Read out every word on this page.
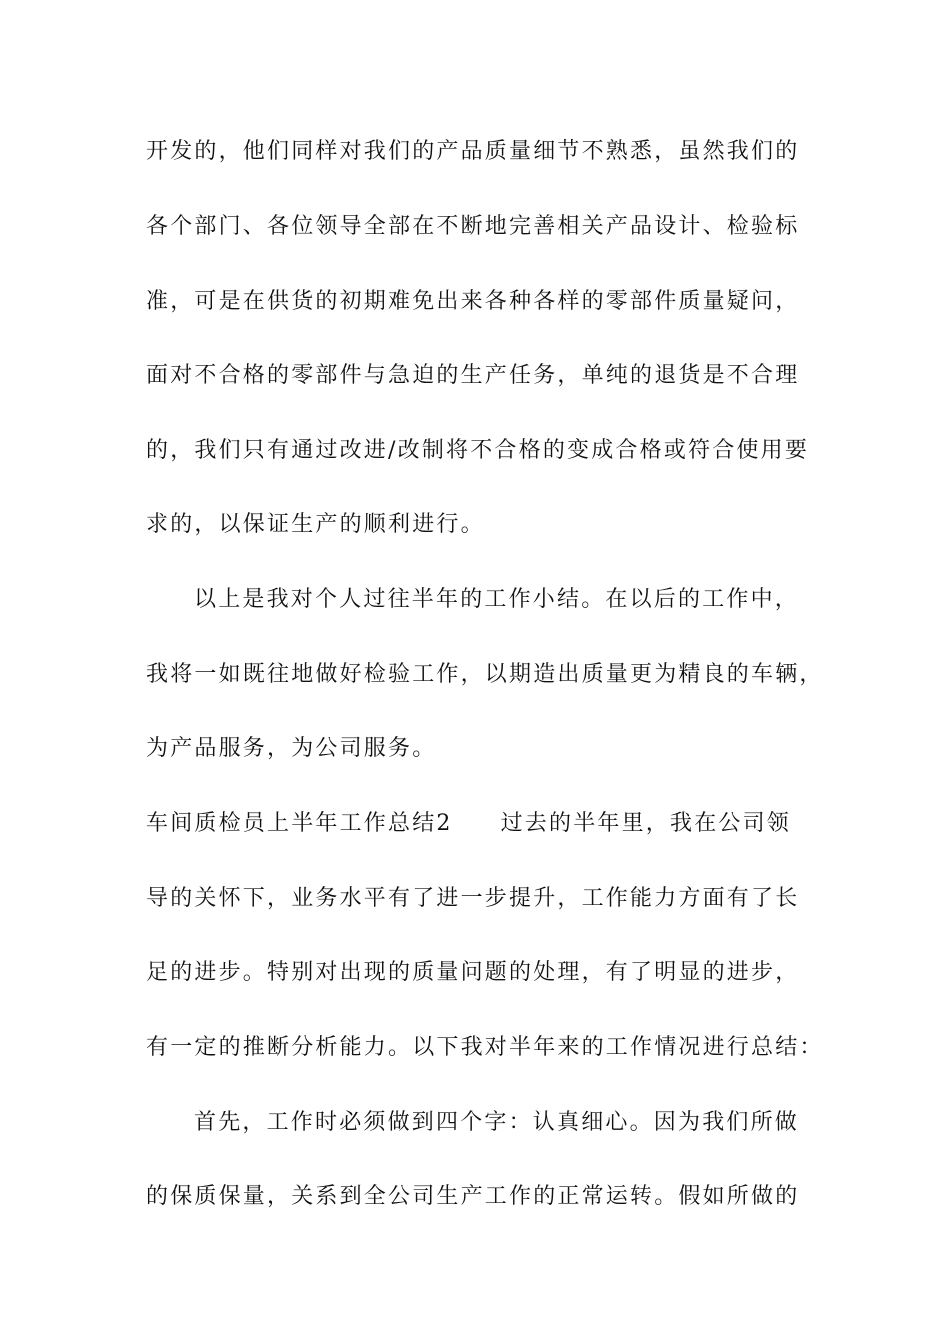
开发的，他们同样对我们的产品质量细节不熟悉，虽然我们的
各个部门、各位领导全部在不断地完善相关产品设计、检验标
准，可是在供货的初期难免出来各种各样的零部件质量疑问，
面对不合格的零部件与急迫的生产任务，单纯的退货是不合理
的，我们只有通过改进/改制将不合格的变成合格或符合使用要
求的，以保证生产的顺利进行。
以上是我对个人过往半年的工作小结。在以后的工作中，
我将一如既往地做好检验工作，以期造出质量更为精良的车辆，
为产品服务，为公司服务。
车间质检员上半年工作总结2 过去的半年里，我在公司领
导的关怀下，业务水平有了进一步提升，工作能力方面有了长
足的进步。特别对出现的质量问题的处理，有了明显的进步，
有一定的推断分析能力。以下我对半年来的工作情况进行总结：
首先，工作时必须做到四个字：认真细心。因为我们所做
的保质保量，关系到全公司生产工作的正常运转。假如所做的
